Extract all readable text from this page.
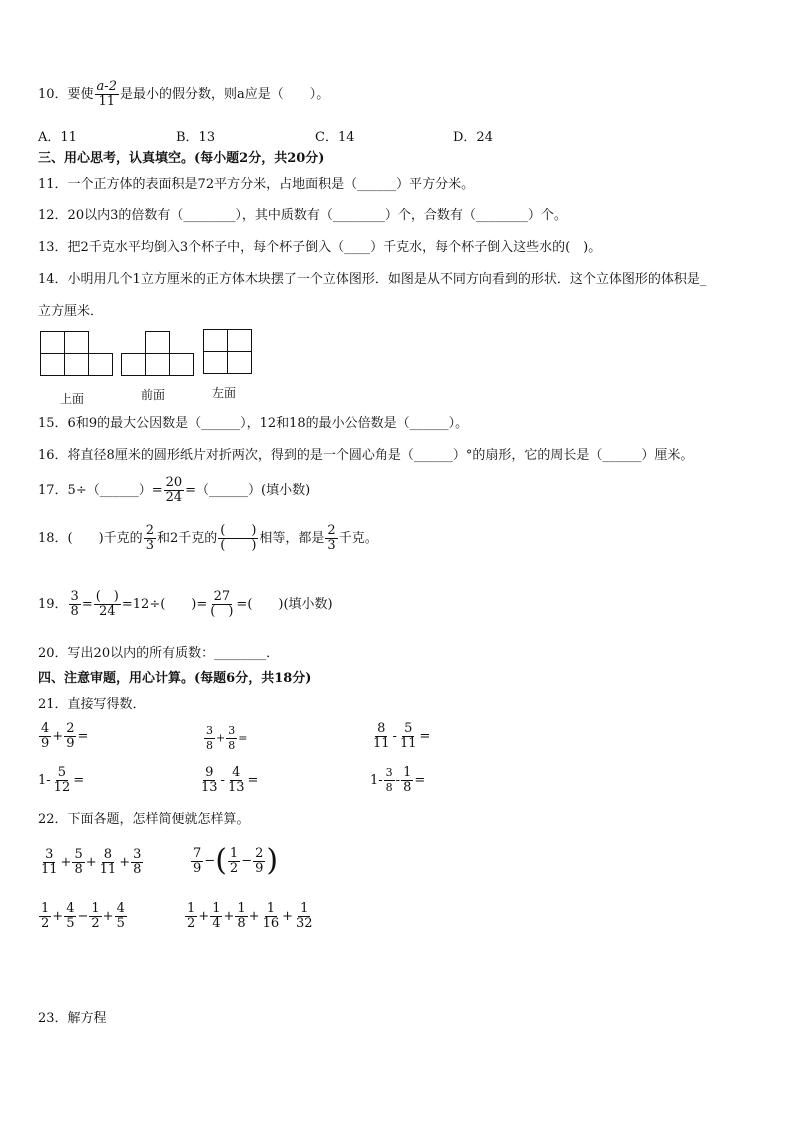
10．要使 $\frac{a-2}{11}$ 是最小的假分数，则a应是（　　）。
A．11	B．13	C．14	D．24
三、用心思考，认真填空。(每小题2分，共20分)
11．一个正方体的表面积是72平方分米，占地面积是（______）平方分米。
12．20以内3的倍数有（________），其中质数有（________）个，合数有（________）个。
13．把2千克水平均倒入3个杯子中，每个杯子倒入（____）千克水，每个杯子倒入这些水的(　)。
14．小明用几个1立方厘米的正方体木块摆了一个立体图形．如图是从不同方向看到的形状．这个立体图形的体积是_
立方厘米．
上面	前面	左面
15．6和9的最大公因数是（______），12和18的最小公倍数是（______）。
16．将直径8厘米的圆形纸片对折两次，得到的是一个圆心角是（______）°的扇形，它的周长是（______）厘米。
17．5÷（______）= $\frac{20}{24}$ =（______）(填小数)
18．(　　)千克的 $\frac{2}{3}$ 和2千克的 $\frac{( )}{( )}$ 相等，都是 $\frac{2}{3}$ 千克。
19． $\frac{3}{8} = \frac{( )}{24} =12\div$(　　)= $\frac{27}{( )}$ =(　　)(填小数)
20．写出20以内的所有质数：________．
四、注意审题，用心计算。(每题6分，共18分)
21．直接写得数．
$\frac{4}{9} + \frac{2}{9}$ =	$\frac{3}{8} + \frac{3}{8}$ =	$\frac{8}{11} - \frac{5}{11}$ =
$1- \frac{5}{12}$ =	$\frac{9}{13} - \frac{4}{13}$ =	$1- \frac{3}{8} - \frac{1}{8}$ =
22．下面各题，怎样简便就怎样算。
$\frac{3}{11} + \frac{5}{8} + \frac{8}{11} + \frac{3}{8}$	$\frac{7}{9}$ −( $\frac{1}{2} - \frac{2}{9}$ )
$\frac{1}{2} + \frac{4}{5} - \frac{1}{2} + \frac{4}{5}$	$\frac{1}{2} + \frac{1}{4} + \frac{1}{8} + \frac{1}{16} + \frac{1}{32}$
23．解方程
